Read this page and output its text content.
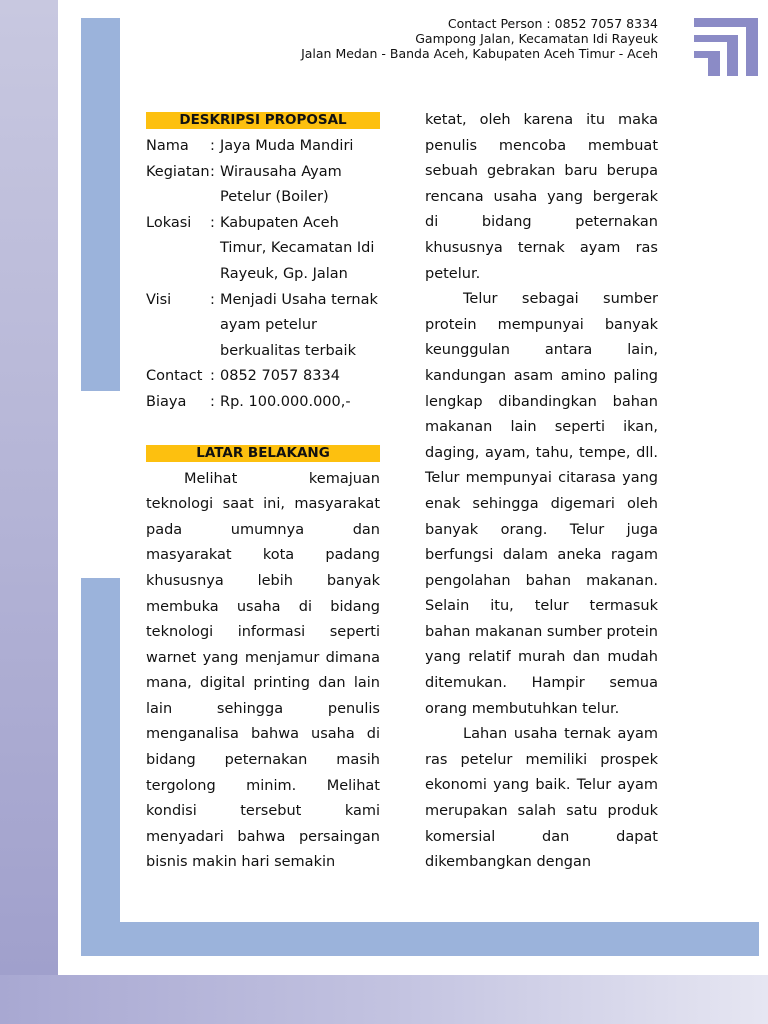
Contact Person : 0852 7057 8334
Gampong Jalan, Kecamatan Idi Rayeuk
Jalan Medan - Banda Aceh, Kabupaten Aceh Timur - Aceh
DESKRIPSI PROPOSAL
Nama	: Jaya Muda Mandiri
Kegiatan : Wirausaha Ayam Petelur (Boiler)
Lokasi	: Kabupaten Aceh Timur, Kecamatan Idi Rayeuk, Gp. Jalan
Visi	: Menjadi Usaha ternak ayam petelur berkualitas terbaik
Contact : 0852 7057 8334
Biaya	: Rp. 100.000.000,-
LATAR BELAKANG

Melihat kemajuan teknologi saat ini, masyarakat pada umumnya dan masyarakat kota padang khususnya lebih banyak membuka usaha di bidang teknologi informasi seperti warnet yang menjamur dimana mana, digital printing dan lain lain sehingga penulis menganalisa bahwa usaha di bidang peternakan masih tergolong minim. Melihat kondisi tersebut kami menyadari bahwa persaingan bisnis makin hari semakin

ketat, oleh karena itu maka penulis mencoba membuat sebuah gebrakan baru berupa rencana usaha yang bergerak di bidang peternakan khususnya ternak ayam ras petelur.

Telur sebagai sumber protein mempunyai banyak keunggulan antara lain, kandungan asam amino paling lengkap dibandingkan bahan makanan lain seperti ikan, daging, ayam, tahu, tempe, dll. Telur mempunyai citarasa yang enak sehingga digemari oleh banyak orang. Telur juga berfungsi dalam aneka ragam pengolahan bahan makanan. Selain itu, telur termasuk bahan makanan sumber protein yang relatif murah dan mudah ditemukan. Hampir semua orang membutuhkan telur.

Lahan usaha ternak ayam ras petelur memiliki prospek ekonomi yang baik. Telur ayam merupakan salah satu produk komersial dan dapat dikembangkan dengan
